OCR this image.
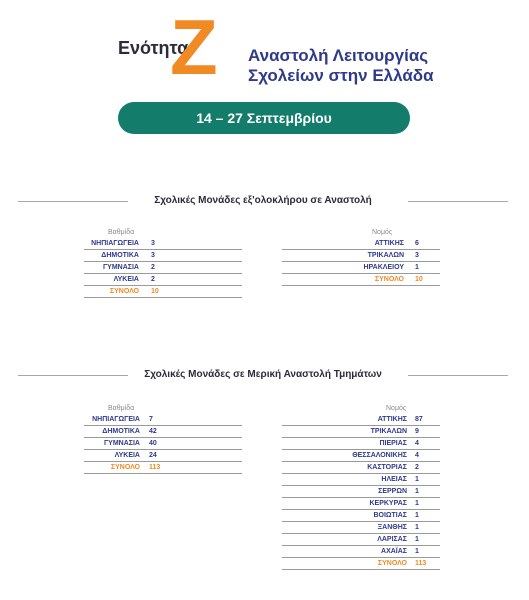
Ενότητα
Z Αναστολή Λειτουργίας
Σχολείων στην Ελλάδα
14 – 27 Σεπτεμβρίου
Σχολικές Μονάδες εξ'ολοκλήρου σε Αναστολή
Βαθμίδα
ΝΗΠΙΑΓΩΓΕΙΑ 3
ΔΗΜΟΤΙΚΑ 3
ΓΥΜΝΑΣΙΑ 2
ΛΥΚΕΙΑ 2
ΣΥΝΟΛΟ 10
Νομός
ΑΤΤΙΚΗΣ 6
ΤΡΙΚΑΛΩΝ 3
ΗΡΑΚΛΕΙΟΥ 1
ΣΥΝΟΛΟ 10
Σχολικές Μονάδες σε Μερική Αναστολή Τμημάτων
Βαθμίδα
ΝΗΠΙΑΓΩΓΕΙΑ 7
ΔΗΜΟΤΙΚΑ 42
ΓΥΜΝΑΣΙΑ 40
ΛΥΚΕΙΑ 24
ΣΥΝΟΛΟ 113
Νομός
ΑΤΤΙΚΗΣ 87
ΤΡΙΚΑΛΩΝ 9
ΠΙΕΡΙΑΣ 4
ΘΕΣΣΑΛΟΝΙΚΗΣ 4
ΚΑΣΤΟΡΙΑΣ 2
ΗΛΕΙΑΣ 1
ΣΕΡΡΩΝ 1
ΚΕΡΚΥΡΑΣ 1
ΒΟΙΩΤΙΑΣ 1
ΞΑΝΘΗΣ 1
ΛΑΡΙΣΑΣ 1
ΑΧΑΪΑΣ 1
ΣΥΝΟΛΟ 113
